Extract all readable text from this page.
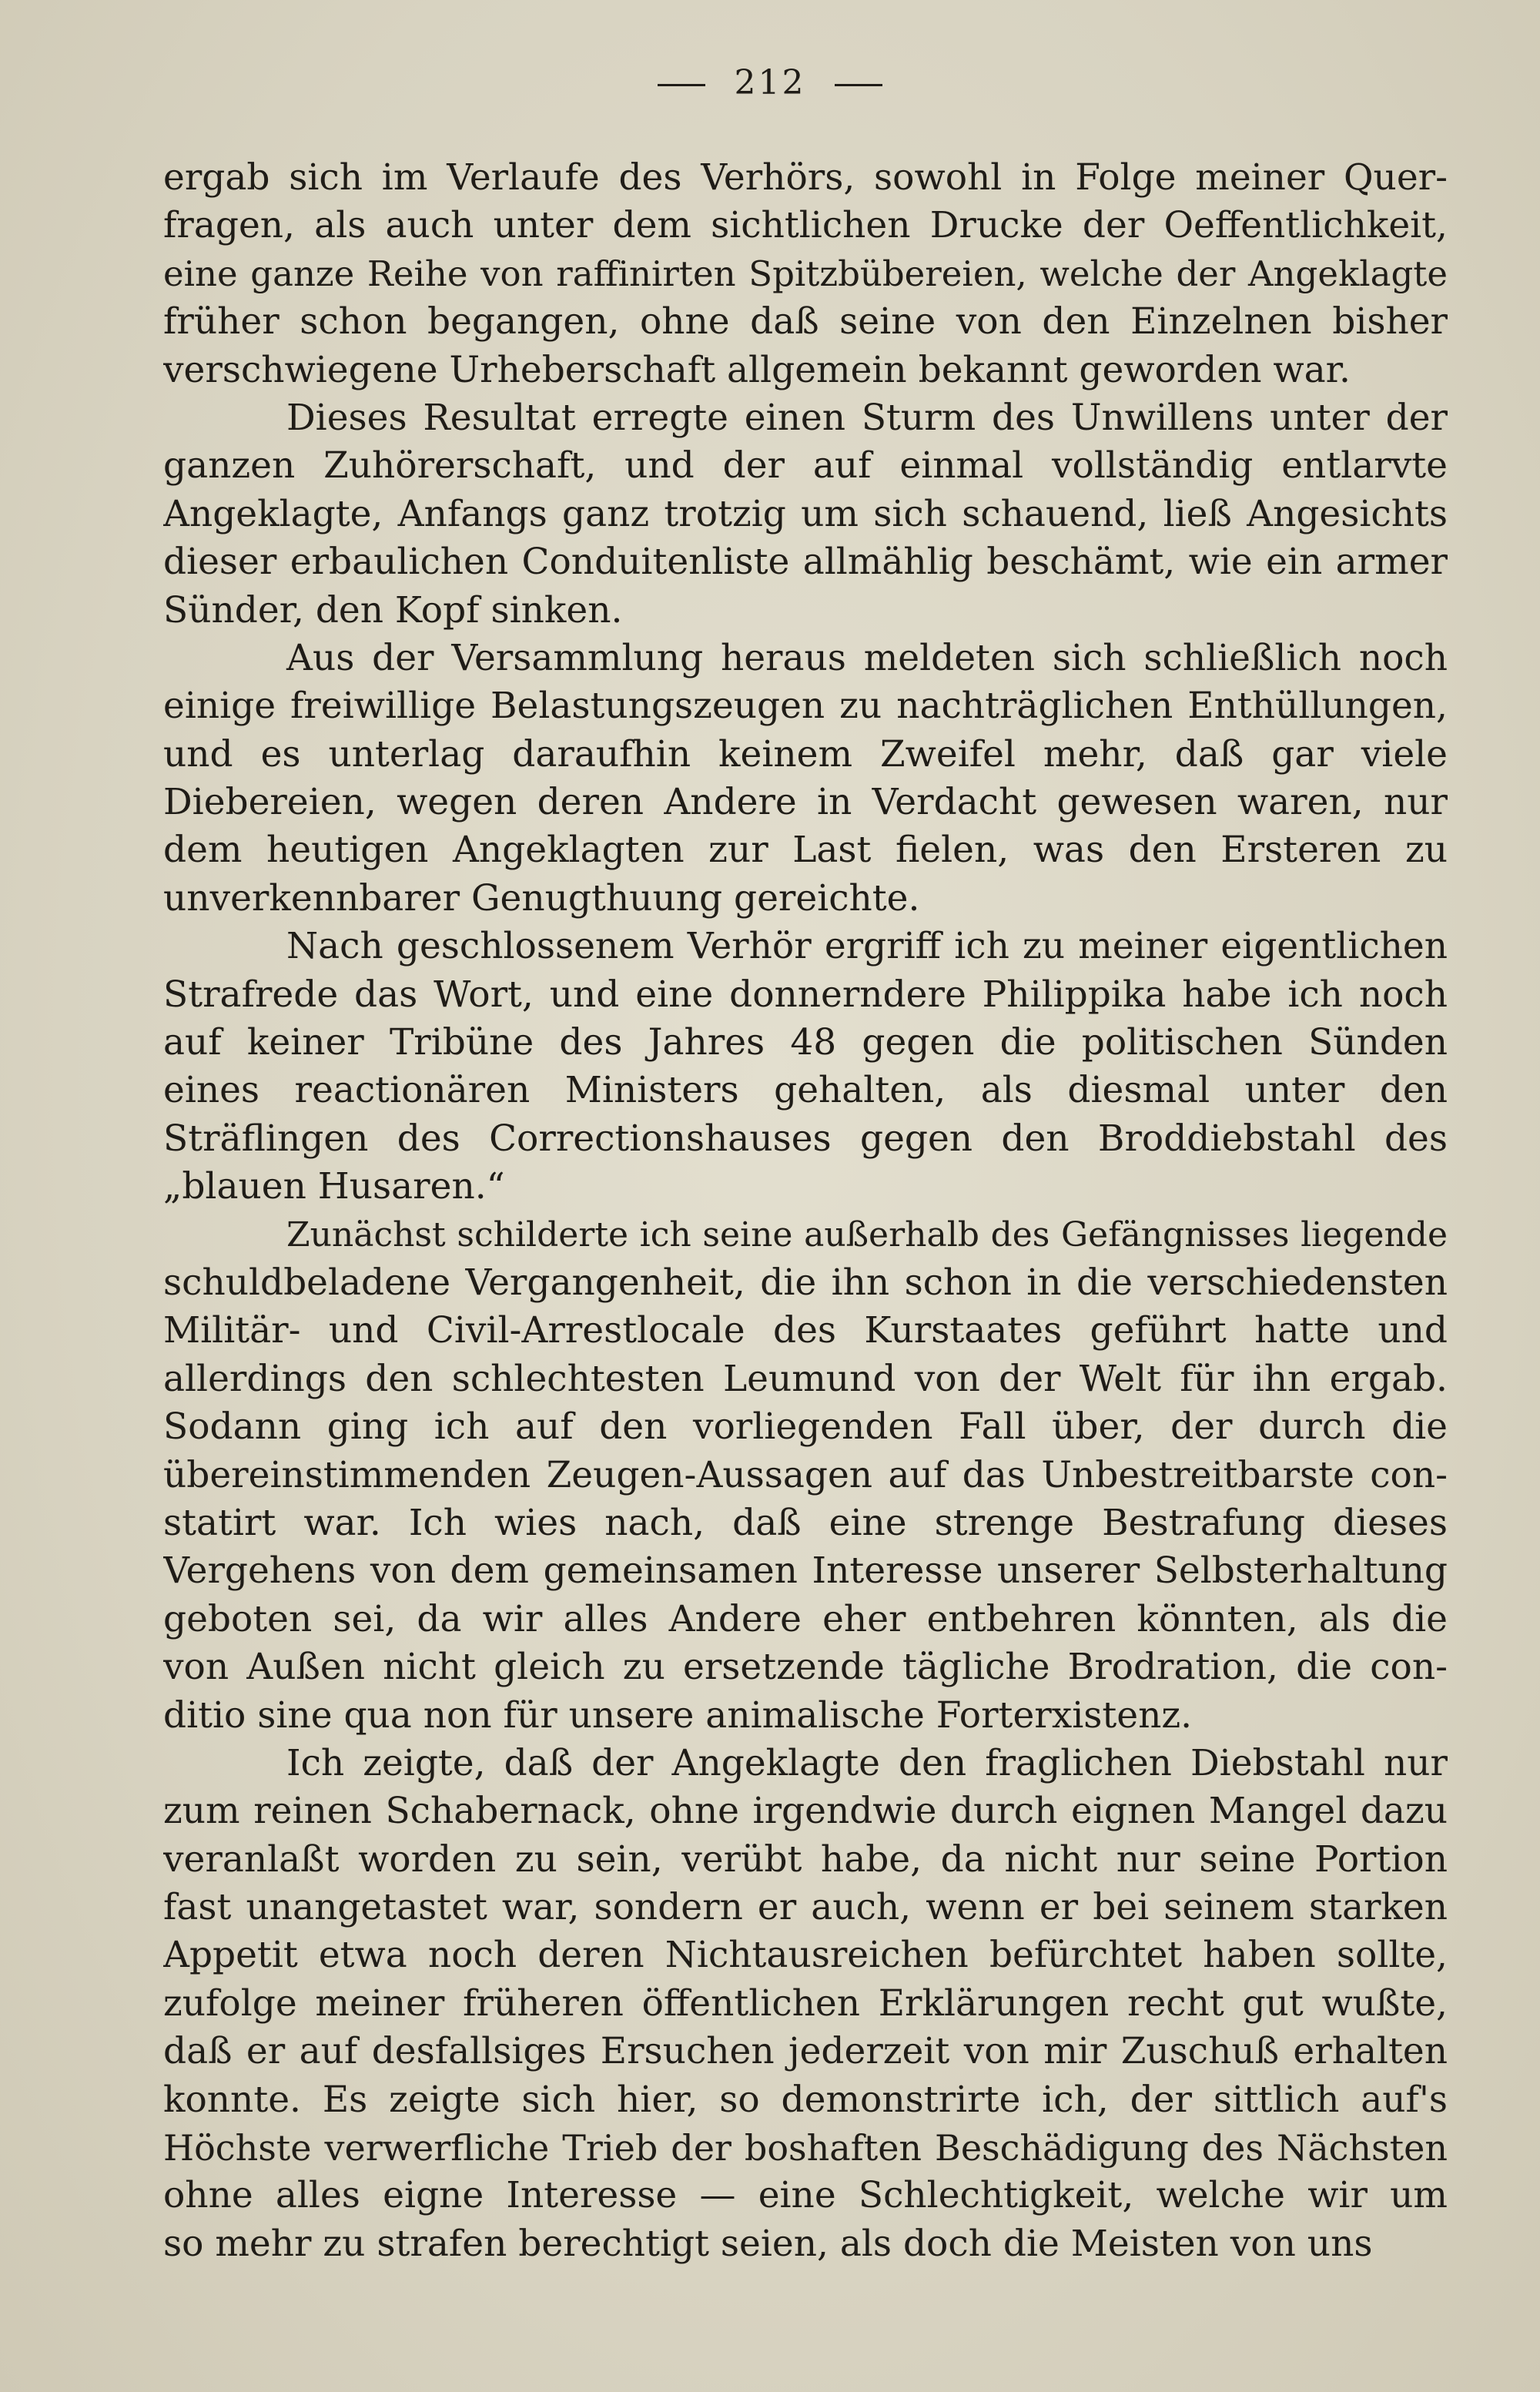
212
ergab sich im Verlaufe des Verhörs, sowohl in Folge meiner Quer-
fragen, als auch unter dem sichtlichen Drucke der Oeffentlichkeit,
eine ganze Reihe von raffinirten Spitzbübereien, welche der Angeklagte
früher schon begangen, ohne daß seine von den Einzelnen bisher
verschwiegene Urheberschaft allgemein bekannt geworden war.
Dieses Resultat erregte einen Sturm des Unwillens unter der
ganzen Zuhörerschaft, und der auf einmal vollständig entlarvte
Angeklagte, Anfangs ganz trotzig um sich schauend, ließ Angesichts
dieser erbaulichen Conduitenliste allmählig beschämt, wie ein armer
Sünder, den Kopf sinken.
Aus der Versammlung heraus meldeten sich schließlich noch
einige freiwillige Belastungszeugen zu nachträglichen Enthüllungen,
und es unterlag daraufhin keinem Zweifel mehr, daß gar viele
Diebereien, wegen deren Andere in Verdacht gewesen waren, nur
dem heutigen Angeklagten zur Last fielen, was den Ersteren zu
unverkennbarer Genugthuung gereichte.
Nach geschlossenem Verhör ergriff ich zu meiner eigentlichen
Strafrede das Wort, und eine donnerndere Philippika habe ich noch
auf keiner Tribüne des Jahres 48 gegen die politischen Sünden
eines reactionären Ministers gehalten, als diesmal unter den
Sträflingen des Correctionshauses gegen den Broddiebstahl des
„blauen Husaren.“
Zunächst schilderte ich seine außerhalb des Gefängnisses liegende
schuldbeladene Vergangenheit, die ihn schon in die verschiedensten
Militär- und Civil-Arrestlocale des Kurstaates geführt hatte und
allerdings den schlechtesten Leumund von der Welt für ihn ergab.
Sodann ging ich auf den vorliegenden Fall über, der durch die
übereinstimmenden Zeugen-Aussagen auf das Unbestreitbarste con-
statirt war. Ich wies nach, daß eine strenge Bestrafung dieses
Vergehens von dem gemeinsamen Interesse unserer Selbsterhaltung
geboten sei, da wir alles Andere eher entbehren könnten, als die
von Außen nicht gleich zu ersetzende tägliche Brodration, die con-
ditio sine qua non für unsere animalische Forterxistenz.
Ich zeigte, daß der Angeklagte den fraglichen Diebstahl nur
zum reinen Schabernack, ohne irgendwie durch eignen Mangel dazu
veranlaßt worden zu sein, verübt habe, da nicht nur seine Portion
fast unangetastet war, sondern er auch, wenn er bei seinem starken
Appetit etwa noch deren Nichtausreichen befürchtet haben sollte,
zufolge meiner früheren öffentlichen Erklärungen recht gut wußte,
daß er auf desfallsiges Ersuchen jederzeit von mir Zuschuß erhalten
konnte. Es zeigte sich hier, so demonstrirte ich, der sittlich auf's
Höchste verwerfliche Trieb der boshaften Beschädigung des Nächsten
ohne alles eigne Interesse — eine Schlechtigkeit, welche wir um
so mehr zu strafen berechtigt seien, als doch die Meisten von uns
